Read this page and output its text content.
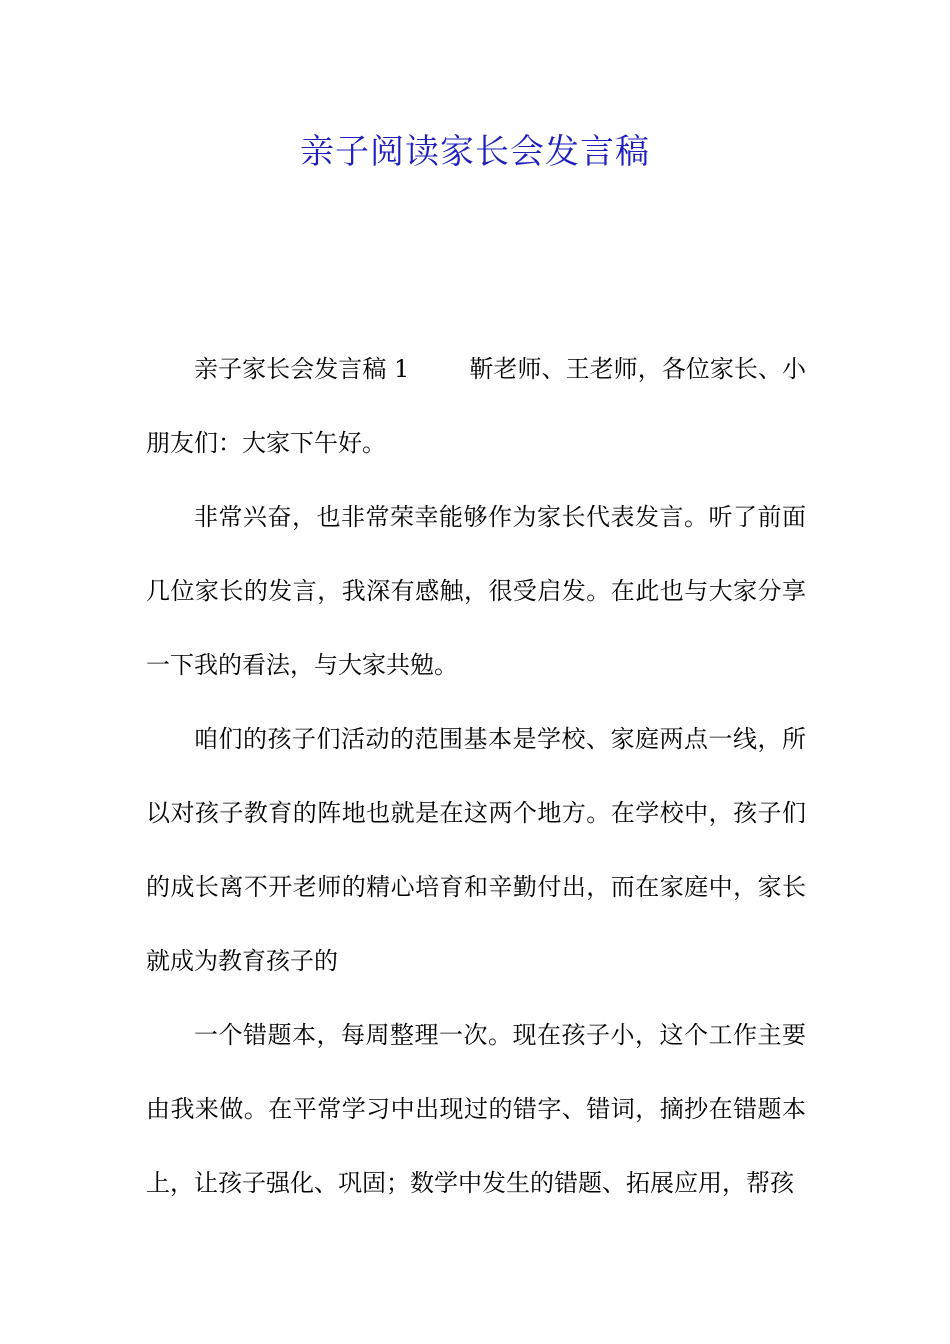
亲子阅读家长会发言稿

亲子家长会发言稿 1	靳老师、王老师，各位家长、小朋友们：大家下午好。

非常兴奋，也非常荣幸能够作为家长代表发言。听了前面几位家长的发言，我深有感触，很受启发。在此也与大家分享一下我的看法，与大家共勉。

咱们的孩子们活动的范围基本是学校、家庭两点一线，所以对孩子教育的阵地也就是在这两个地方。在学校中，孩子们的成长离不开老师的精心培育和辛勤付出，而在家庭中，家长就成为教育孩子的

一个错题本，每周整理一次。现在孩子小，这个工作主要由我来做。在平常学习中出现过的错字、错词，摘抄在错题本上，让孩子强化、巩固；数学中发生的错题、拓展应用，帮孩
